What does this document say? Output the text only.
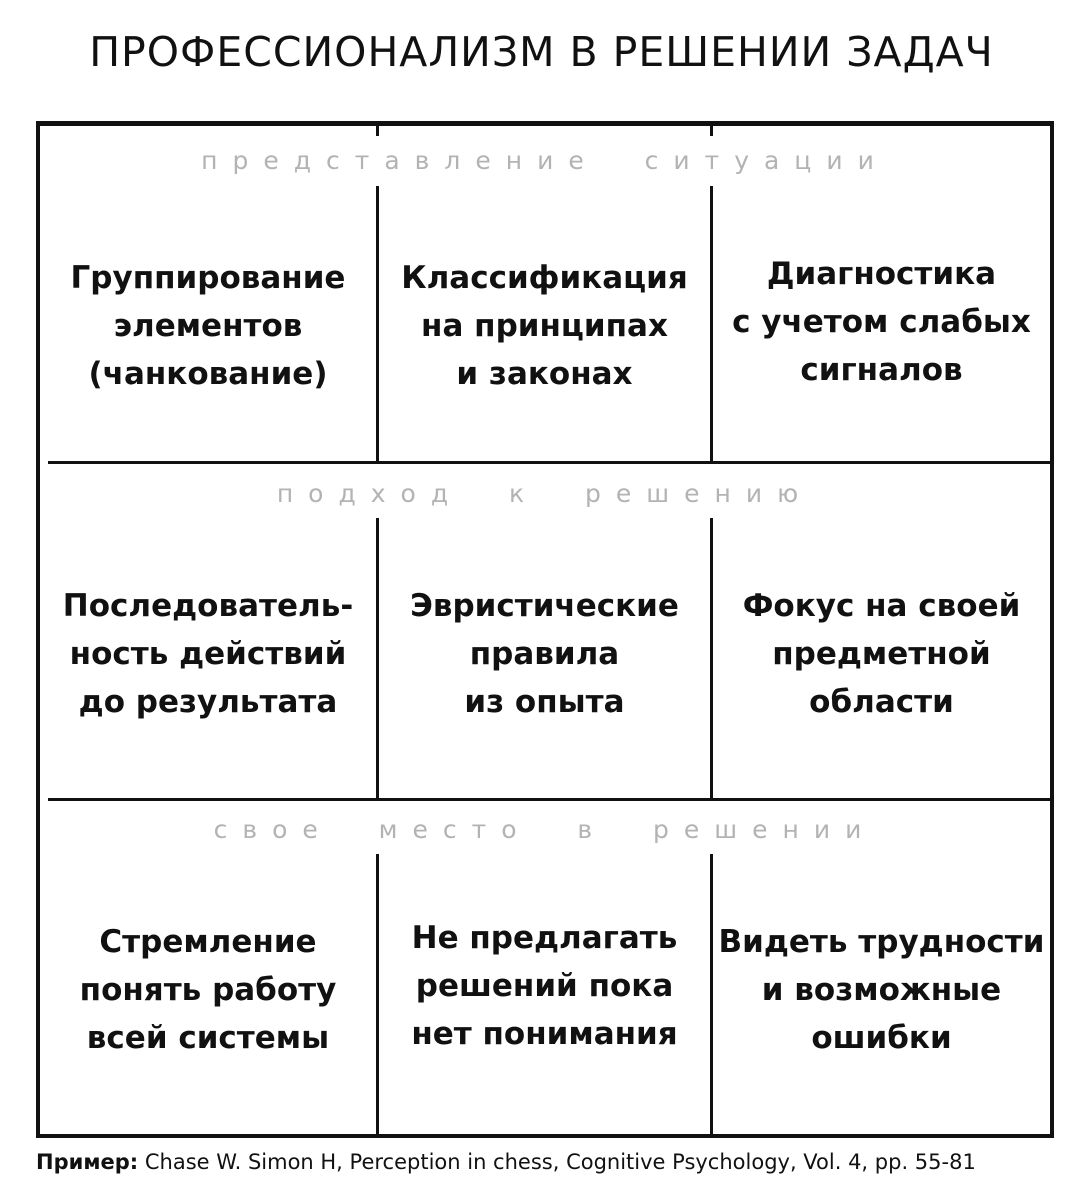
ПРОФЕССИОНАЛИЗМ В РЕШЕНИИ ЗАДАЧ
представление  ситуации
Группирование
элементов
(чанкование)
Классификация
на принципах
и законах
Диагностика
с учетом слабых
сигналов
подход  к  решению
Последователь-
ность действий
до результата
Эвристические
правила
из опыта
Фокус на своей
предметной
области
свое  место  в  решении
Стремление
понять работу
всей системы
Не предлагать
решений пока
нет понимания
Видеть трудности
и возможные
ошибки
Пример: Chase W. Simon H, Perception in chess, Cognitive Psychology, Vol. 4, pp. 55-81
